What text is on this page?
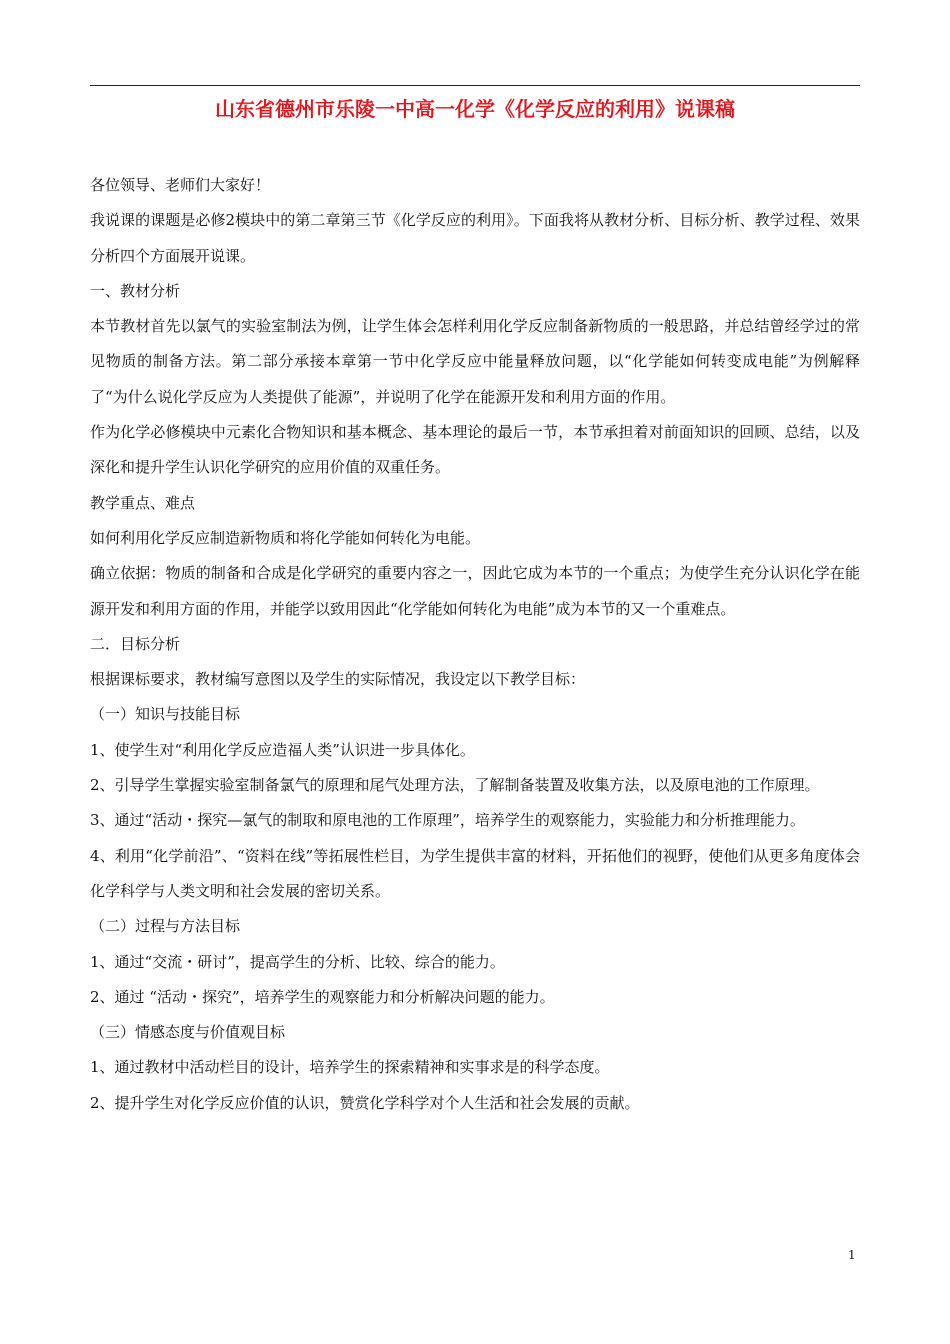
山东省德州市乐陵一中高一化学《化学反应的利用》说课稿

各位领导、老师们大家好！

我说课的课题是必修2模块中的第二章第三节《化学反应的利用》。下面我将从教材分析、目标分析、教学过程、效果分析四个方面展开说课。

一、教材分析

本节教材首先以氯气的实验室制法为例，让学生体会怎样利用化学反应制备新物质的一般思路，并总结曾经学过的常见物质的制备方法。第二部分承接本章第一节中化学反应中能量释放问题，以“化学能如何转变成电能”为例解释了“为什么说化学反应为人类提供了能源”，并说明了化学在能源开发和利用方面的作用。

作为化学必修模块中元素化合物知识和基本概念、基本理论的最后一节，本节承担着对前面知识的回顾、总结，以及深化和提升学生认识化学研究的应用价值的双重任务。

教学重点、难点

如何利用化学反应制造新物质和将化学能如何转化为电能。

确立依据：物质的制备和合成是化学研究的重要内容之一，因此它成为本节的一个重点；为使学生充分认识化学在能源开发和利用方面的作用，并能学以致用因此“化学能如何转化为电能”成为本节的又一个重难点。

二．目标分析

根据课标要求，教材编写意图以及学生的实际情况，我设定以下教学目标：

（一）知识与技能目标

1、使学生对“利用化学反应造福人类”认识进一步具体化。

2、引导学生掌握实验室制备氯气的原理和尾气处理方法，了解制备装置及收集方法，以及原电池的工作原理。

3、通过“活动・探究—氯气的制取和原电池的工作原理”，培养学生的观察能力，实验能力和分析推理能力。

4、利用“化学前沿”、“资料在线”等拓展性栏目，为学生提供丰富的材料，开拓他们的视野，使他们从更多角度体会化学科学与人类文明和社会发展的密切关系。

（二）过程与方法目标

1、通过“交流・研讨”，提高学生的分析、比较、综合的能力。

2、通过 “活动・探究”，培养学生的观察能力和分析解决问题的能力。

（三）情感态度与价值观目标

1、通过教材中活动栏目的设计，培养学生的探索精神和实事求是的科学态度。

2、提升学生对化学反应价值的认识，赞赏化学科学对个人生活和社会发展的贡献。

1
